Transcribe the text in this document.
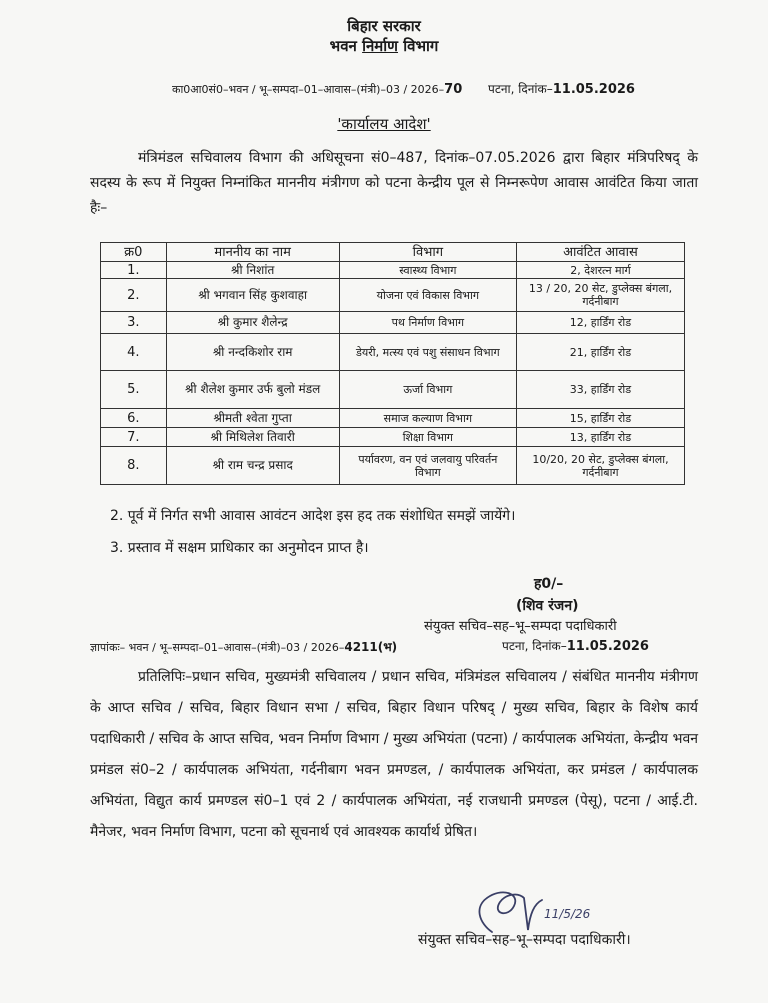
बिहार सरकार
भवन निर्माण विभाग
का0आ0सं0–भवन / भू–सम्पदा–01–आवास–(मंत्री)–03 / 2026–70 पटना, दिनांक–11.05.2026
'कार्यालय आदेश'
मंत्रिमंडल सचिवालय विभाग की अधिसूचना सं0–487, दिनांक–07.05.2026 द्वारा बिहार मंत्रिपरिषद् के सदस्य के रूप में नियुक्त निम्नांकित माननीय मंत्रीगण को पटना केन्द्रीय पूल से निम्नरूपेण आवास आवंटित किया जाता हैः–
क्र0	माननीय का नाम	विभाग	आवंटित आवास
1.	श्री निशांत	स्वास्थ्य विभाग	2, देशरत्न मार्ग
2.	श्री भगवान सिंह कुशवाहा	योजना एवं विकास विभाग	13 / 20, 20 सेट, डुप्लेक्स बंगला, गर्दनीबाग
3.	श्री कुमार शैलेन्द्र	पथ निर्माण विभाग	12, हार्डिंग रोड
4.	श्री नन्दकिशोर राम	डेयरी, मत्स्य एवं पशु संसाधन विभाग	21, हार्डिंग रोड
5.	श्री शैलेश कुमार उर्फ बुलो मंडल	ऊर्जा विभाग	33, हार्डिंग रोड
6.	श्रीमती श्वेता गुप्ता	समाज कल्याण विभाग	15, हार्डिंग रोड
7.	श्री मिथिलेश तिवारी	शिक्षा विभाग	13, हार्डिंग रोड
8.	श्री राम चन्द्र प्रसाद	पर्यावरण, वन एवं जलवायु परिवर्तन विभाग	10/20, 20 सेट, डुप्लेक्स बंगला, गर्दनीबाग
2. पूर्व में निर्गत सभी आवास आवंटन आदेश इस हद तक संशोधित समझें जायेंगे।
3. प्रस्ताव में सक्षम प्राधिकार का अनुमोदन प्राप्त है।
ह0/–
(शिव रंजन)
संयुक्त सचिव–सह–भू–सम्पदा पदाधिकारी
ज्ञापांकः– भवन / भू–सम्पदा–01–आवास–(मंत्री)–03 / 2026–4211(भ)	पटना, दिनांक–11.05.2026
प्रतिलिपिः–प्रधान सचिव, मुख्यमंत्री सचिवालय / प्रधान सचिव, मंत्रिमंडल सचिवालय / संबंधित माननीय मंत्रीगण के आप्त सचिव / सचिव, बिहार विधान सभा / सचिव, बिहार विधान परिषद् / मुख्य सचिव, बिहार के विशेष कार्य पदाधिकारी / सचिव के आप्त सचिव, भवन निर्माण विभाग / मुख्य अभियंता (पटना) / कार्यपालक अभियंता, केन्द्रीय भवन प्रमंडल सं0–2 / कार्यपालक अभियंता, गर्दनीबाग भवन प्रमण्डल, / कार्यपालक अभियंता, कर प्रमंडल / कार्यपालक अभियंता, विद्युत कार्य प्रमण्डल सं0–1 एवं 2 / कार्यपालक अभियंता, नई राजधानी प्रमण्डल (पेसू), पटना / आई.टी. मैनेजर, भवन निर्माण विभाग, पटना को सूचनार्थ एवं आवश्यक कार्यार्थ प्रेषित।
11/5/26
संयुक्त सचिव–सह–भू–सम्पदा पदाधिकारी।
